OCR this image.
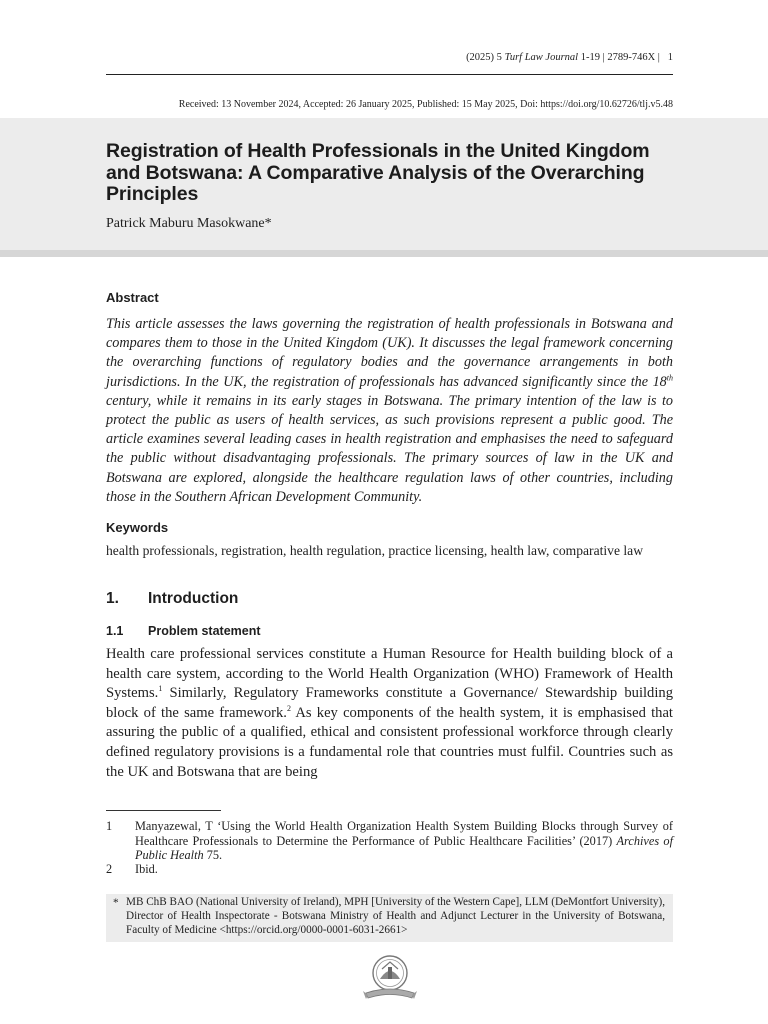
(2025) 5 Turf Law Journal 1-19 | 2789-746X | 1
Received: 13 November 2024, Accepted: 26 January 2025, Published: 15 May 2025, Doi: https://doi.org/10.62726/tlj.v5.48
Registration of Health Professionals in the United Kingdom and Botswana: A Comparative Analysis of the Overarching Principles
Patrick Maburu Masokwane*
Abstract

This article assesses the laws governing the registration of health professionals in Botswana and compares them to those in the United Kingdom (UK). It discusses the legal framework concerning the overarching functions of regulatory bodies and the governance arrangements in both jurisdictions. In the UK, the registration of professionals has advanced significantly since the 18th century, while it remains in its early stages in Botswana. The primary intention of the law is to protect the public as users of health services, as such provisions represent a public good. The article examines several leading cases in health registration and emphasises the need to safeguard the public without disadvantaging professionals. The primary sources of law in the UK and Botswana are explored, alongside the healthcare regulation laws of other countries, including those in the Southern African Development Community.

Keywords

health professionals, registration, health regulation, practice licensing, health law, comparative law

1. Introduction
1.1 Problem statement

Health care professional services constitute a Human Resource for Health building block of a health care system, according to the World Health Organization (WHO) Framework of Health Systems.$^1$ Similarly, Regulatory Frameworks constitute a Governance/ Stewardship building block of the same framework.$^2$ As key components of the health system, it is emphasised that assuring the public of a qualified, ethical and consistent professional workforce through clearly defined regulatory provisions is a fundamental role that countries must fulfil. Countries such as the UK and Botswana that are being

1 Manyazewal, T ‘Using the World Health Organization Health System Building Blocks through Survey of Healthcare Professionals to Determine the Performance of Public Healthcare Facilities’ (2017) Archives of Public Health 75.
2 Ibid.
* MB ChB BAO (National University of Ireland), MPH [University of the Western Cape], LLM (DeMontfort University), Director of Health Inspectorate - Botswana Ministry of Health and Adjunct Lecturer in the University of Botswana, Faculty of Medicine <https://orcid.org/0000-0001-6031-2661>
